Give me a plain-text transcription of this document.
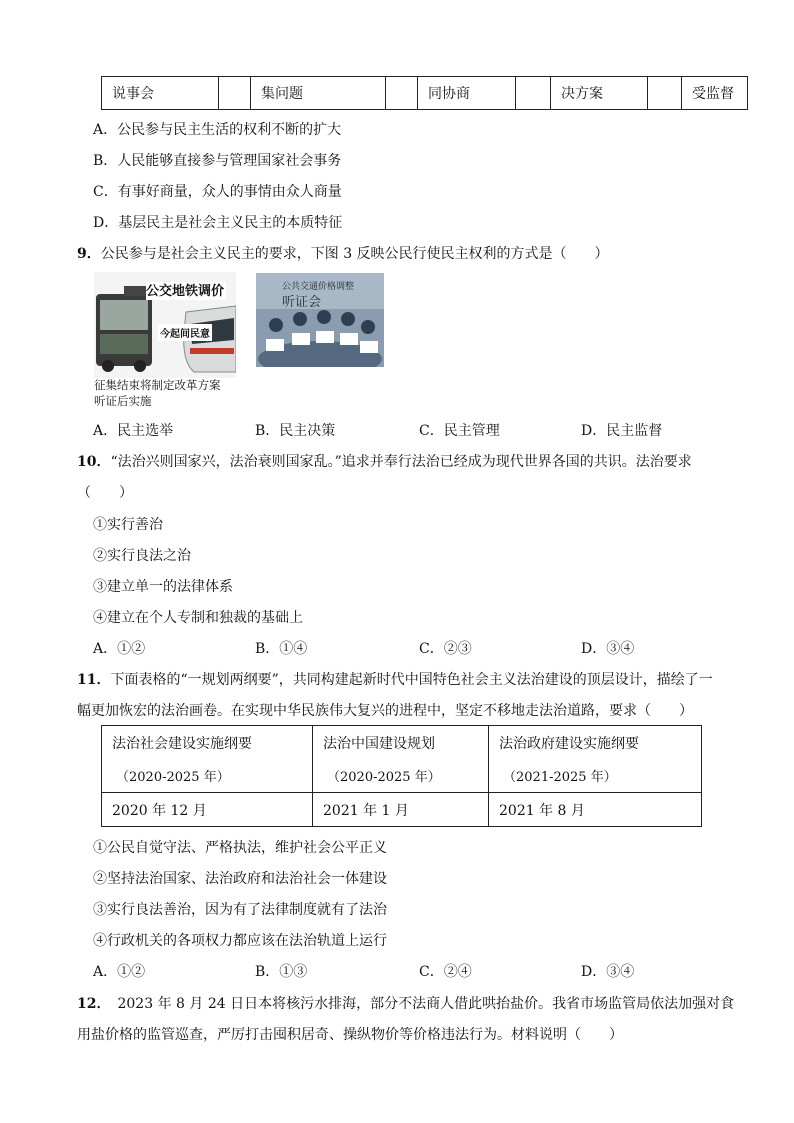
说事会		集问题		同协商		决方案		受监督
A．公民参与民主生活的权利不断的扩大
B．人民能够直接参与管理国家社会事务
C．有事好商量，众人的事情由众人商量
D．基层民主是社会主义民主的本质特征
9．公民参与是社会主义民主的要求，下图 3 反映公民行使民主权利的方式是（　　）
公交地铁调价
今起间民意
征集结束将制定改革方案
听证后实施
公共交通价格调整
听证会
A．民主选举	B．民主决策	C．民主管理	D．民主监督
10．“法治兴则国家兴，法治衰则国家乱。”追求并奉行法治已经成为现代世界各国的共识。法治要求
（　　）
①实行善治
②实行良法之治
③建立单一的法律体系
④建立在个人专制和独裁的基础上
A．①②	B．①④	C．②③	D．③④
11．下面表格的“一规划两纲要”，共同构建起新时代中国特色社会主义法治建设的顶层设计，描绘了一
幅更加恢宏的法治画卷。在实现中华民族伟大复兴的进程中，坚定不移地走法治道路，要求（　　）
法治社会建设实施纲要	法治中国建设规划	法治政府建设实施纲要
（2020-2025 年）	（2020-2025 年）	（2021-2025 年）
2020 年 12 月	2021 年 1 月	2021 年 8 月
①公民自觉守法、严格执法，维护社会公平正义
②坚持法治国家、法治政府和法治社会一体建设
③实行良法善治，因为有了法律制度就有了法治
④行政机关的各项权力都应该在法治轨道上运行
A．①②	B．①③	C．②④	D．③④
12．　2023 年 8 月 24 日日本将核污水排海，部分不法商人借此哄抬盐价。我省市场监管局依法加强对食
用盐价格的监管巡查，严厉打击囤积居奇、操纵物价等价格违法行为。材料说明（　　）
